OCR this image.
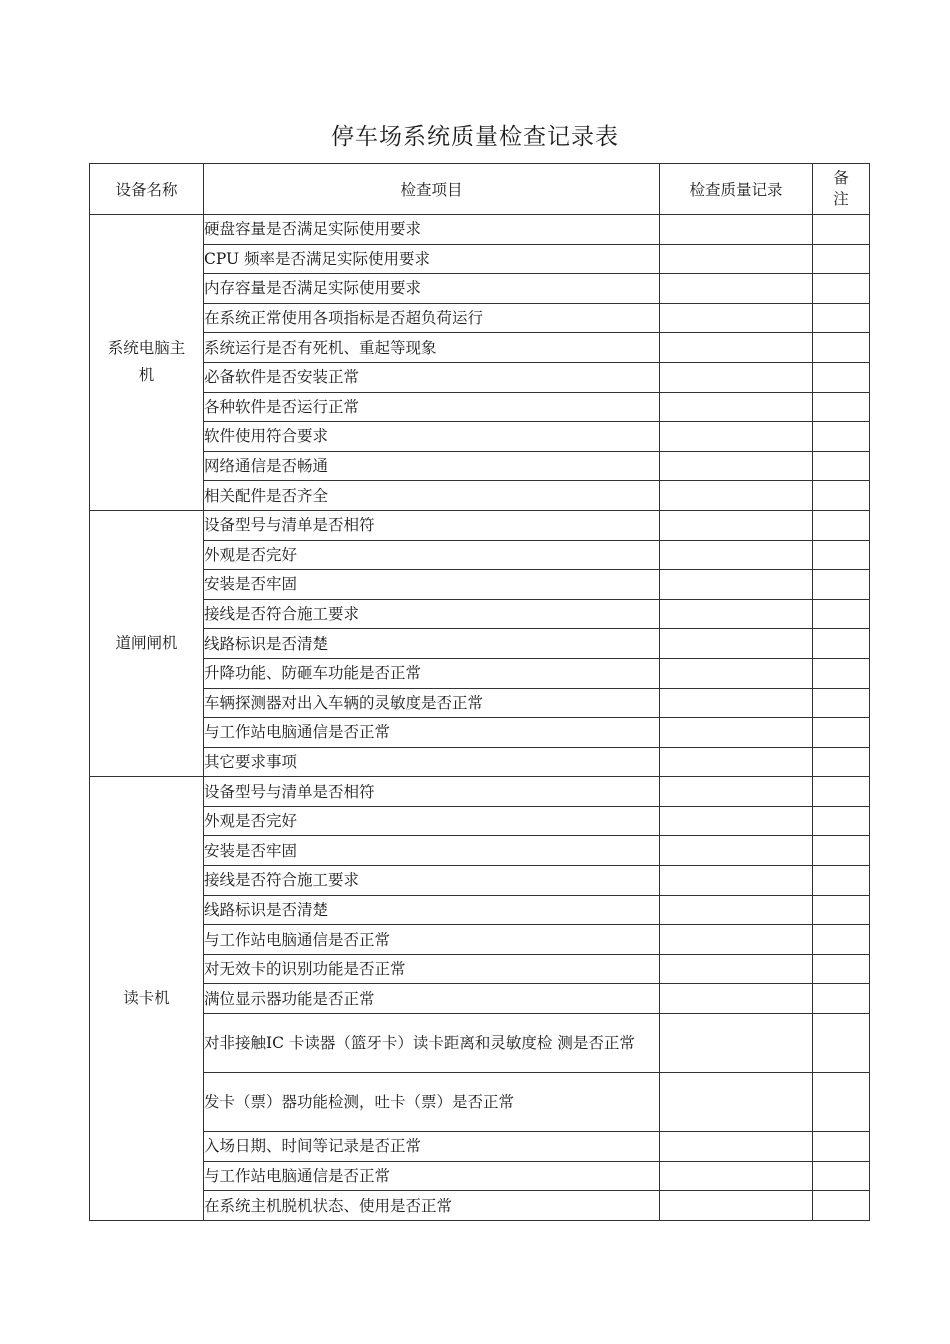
停车场系统质量检查记录表
设备名称	检查项目	检查质量记录	备
注
系统电脑主
机	硬盘容量是否满足实际使用要求		
	CPU 频率是否满足实际使用要求		
	内存容量是否满足实际使用要求		
	在系统正常使用各项指标是否超负荷运行		
	系统运行是否有死机、重起等现象		
	必备软件是否安装正常		
	各种软件是否运行正常		
	软件使用符合要求		
	网络通信是否畅通		
	相关配件是否齐全		
道闸闸机	设备型号与清单是否相符		
	外观是否完好		
	安装是否牢固		
	接线是否符合施工要求		
	线路标识是否清楚		
	升降功能、防砸车功能是否正常		
	车辆探测器对出入车辆的灵敏度是否正常		
	与工作站电脑通信是否正常		
	其它要求事项		
读卡机	设备型号与清单是否相符		
	外观是否完好		
	安装是否牢固		
	接线是否符合施工要求		
	线路标识是否清楚		
	与工作站电脑通信是否正常		
	对无效卡的识别功能是否正常		
	满位显示器功能是否正常		
	对非接触IC 卡读器（篮牙卡）读卡距离和灵敏度检 测是否正常		
	发卡（票）器功能检测，吐卡（票）是否正常		
	入场日期、时间等记录是否正常		
	与工作站电脑通信是否正常		
	在系统主机脱机状态、使用是否正常		
